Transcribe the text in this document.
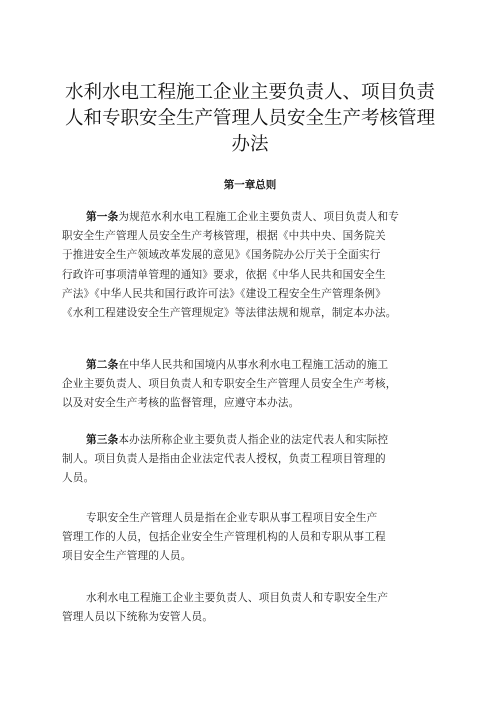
水利水电工程施工企业主要负责人、项目负责
人和专职安全生产管理人员安全生产考核管理
办法
第一章总则
第一条为规范水利水电工程施工企业主要负责人、项目负责人和专
职安全生产管理人员安全生产考核管理，根据《中共中央、国务院关
于推进安全生产领域改革发展的意见》《国务院办公厅关于全面实行
行政许可事项清单管理的通知》要求，依据《中华人民共和国安全生
产法》《中华人民共和国行政许可法》《建设工程安全生产管理条例》
《水利工程建设安全生产管理规定》等法律法规和规章，制定本办法。
第二条在中华人民共和国境内从事水利水电工程施工活动的施工
企业主要负责人、项目负责人和专职安全生产管理人员安全生产考核，
以及对安全生产考核的监督管理，应遵守本办法。
第三条本办法所称企业主要负责人指企业的法定代表人和实际控
制人。项目负责人是指由企业法定代表人授权，负责工程项目管理的
人员。
专职安全生产管理人员是指在企业专职从事工程项目安全生产
管理工作的人员，包括企业安全生产管理机构的人员和专职从事工程
项目安全生产管理的人员。
水利水电工程施工企业主要负责人、项目负责人和专职安全生产
管理人员以下统称为安管人员。
